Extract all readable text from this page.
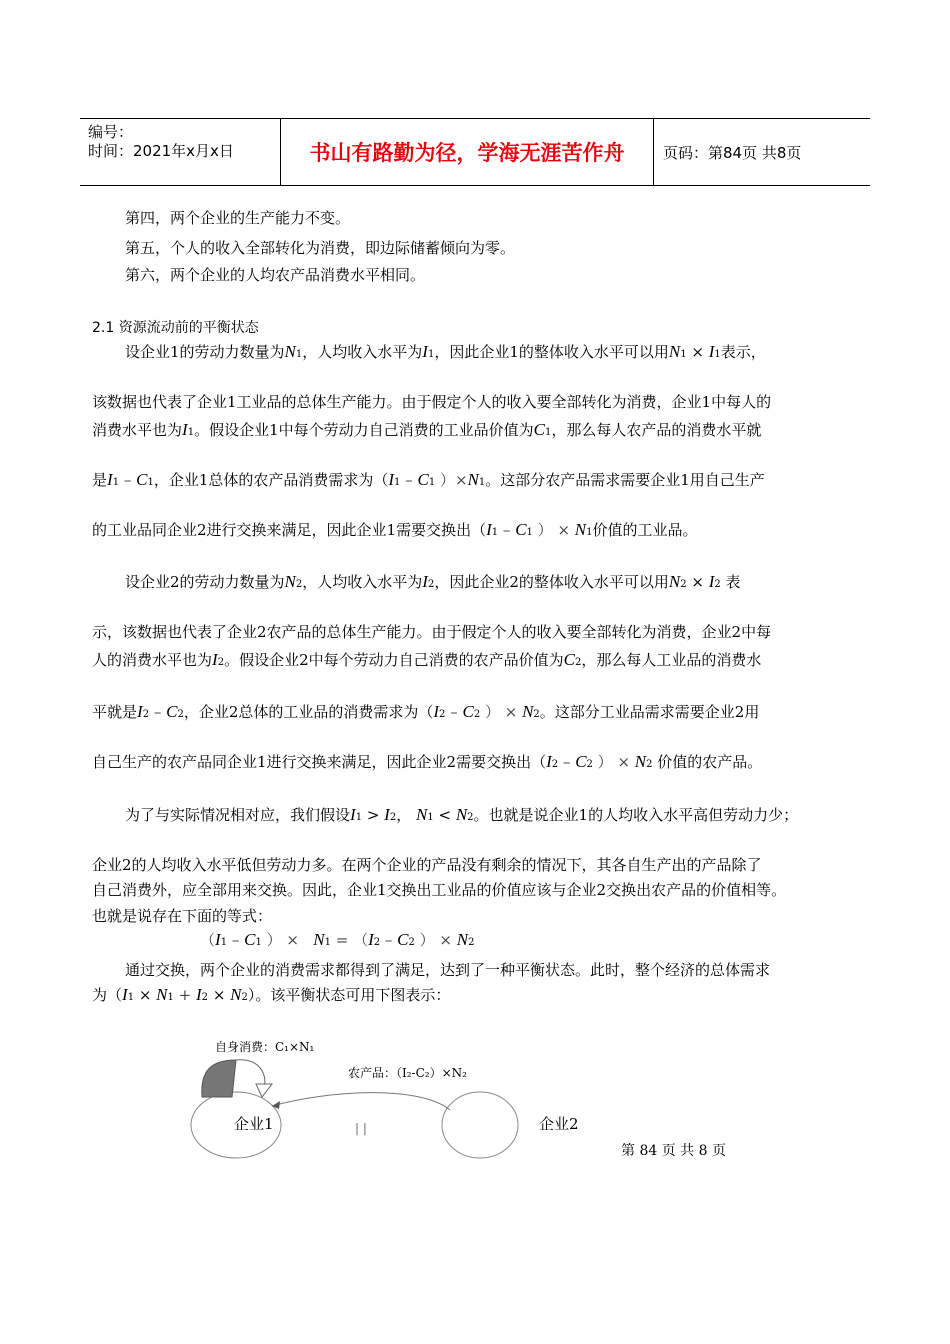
编号：
时间：2021年x月x日	书山有路勤为径，学海无涯苦作舟	页码：第84页 共8页
第四，两个企业的生产能力不变。
第五，个人的收入全部转化为消费，即边际储蓄倾向为零。
第六，两个企业的人均农产品消费水平相同。
2.1 资源流动前的平衡状态
设企业1的劳动力数量为N1，人均收入水平为I1，因此企业1的整体收入水平可以用N1 × I1表示，
该数据也代表了企业1工业品的总体生产能力。由于假定个人的收入要全部转化为消费，企业1中每人的
消费水平也为I1。假设企业1中每个劳动力自己消费的工业品价值为C1，那么每人农产品的消费水平就
是I1 – C1，企业1总体的农产品消费需求为（I1 – C1 ）×N1。这部分农产品需求需要企业1用自己生产
的工业品同企业2进行交换来满足，因此企业1需要交换出（I1 – C1 ） × N1价值的工业品。
设企业2的劳动力数量为N2，人均收入水平为I2，因此企业2的整体收入水平可以用N2 × I2 表
示，该数据也代表了企业2农产品的总体生产能力。由于假定个人的收入要全部转化为消费，企业2中每
人的消费水平也为I2。假设企业2中每个劳动力自己消费的农产品价值为C2，那么每人工业品的消费水
平就是I2 – C2，企业2总体的工业品的消费需求为（I2 – C2 ） × N2。这部分工业品需求需要企业2用
自己生产的农产品同企业1进行交换来满足，因此企业2需要交换出（I2 – C2 ） × N2 价值的农产品。
为了与实际情况相对应，我们假设I1 > I2， N1 < N2。也就是说企业1的人均收入水平高但劳动力少；
企业2的人均收入水平低但劳动力多。在两个企业的产品没有剩余的情况下，其各自生产出的产品除了
自己消费外，应全部用来交换。因此，企业1交换出工业品的价值应该与企业2交换出农产品的价值相等。
也就是说存在下面的等式：
（I1 – C1 ） ×   N1 = （I2 – C2 ） × N2
通过交换，两个企业的消费需求都得到了满足，达到了一种平衡状态。此时，整个经济的总体需求
为（I1 × N1 + I2 × N2）。该平衡状态可用下图表示：
自身消费：C₁×N₁
农产品：（I₂-C₂）×N₂
企业1	企业2
| |
第 84 页 共 8 页
